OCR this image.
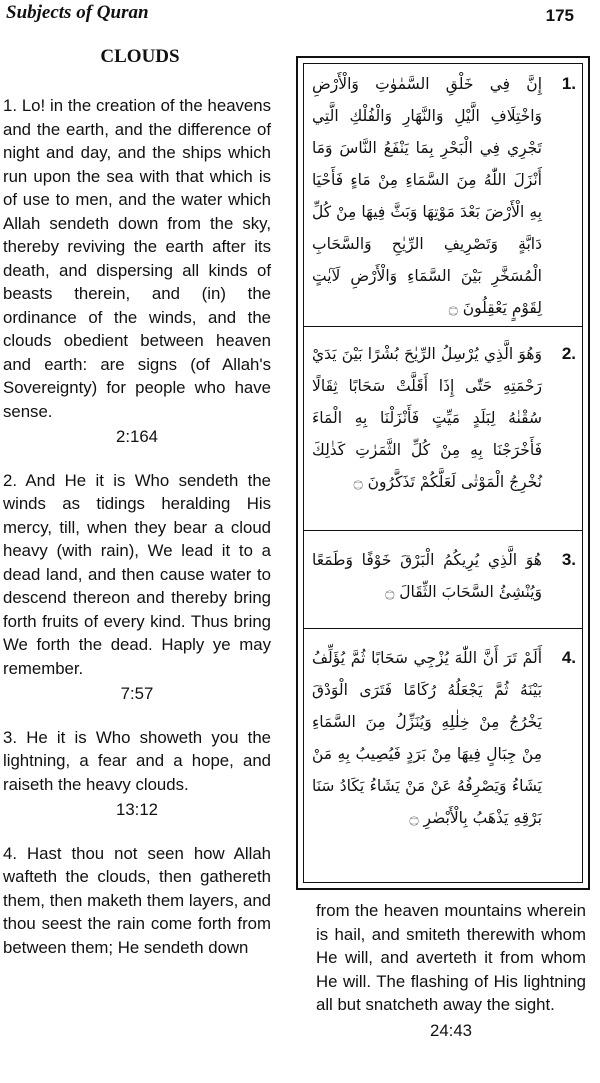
Subjects of Quran	175
CLOUDS

1. Lo! in the creation of the heavens and the earth, and the difference of night and day, and the ships which run upon the sea with that which is of use to men, and the water which Allah sendeth down from the sky, thereby reviving the earth after its death, and dispersing all kinds of beasts therein, and (in) the ordinance of the winds, and the clouds obedient between heaven and earth: are signs (of Allah's Sovereignty) for people who have sense.

2:164

2. And He it is Who sendeth the winds as tidings heralding His mercy, till, when they bear a cloud heavy (with rain), We lead it to a dead land, and then cause water to descend thereon and thereby bring forth fruits of every kind. Thus bring We forth the dead. Haply ye may remember.

7:57

3. He it is Who showeth you the lightning, a fear and a hope, and raiseth the heavy clouds.

13:12

4. Hast thou not seen how Allah wafteth the clouds, then gathereth them, then maketh them layers, and thou seest the rain come forth from between them; He sendeth down

1.
إِنَّ فِي خَلْقِ السَّمٰوٰتِ وَالْأَرْضِ وَاخْتِلَافِ الَّيْلِ وَالنَّهَارِ وَالْفُلْكِ الَّتِي تَجْرِي فِي الْبَحْرِ بِمَا يَنْفَعُ النَّاسَ وَمَا أَنْزَلَ اللّٰهُ مِنَ السَّمَاءِ مِنْ مَاءٍ فَأَحْيَا بِهِ الْأَرْضَ بَعْدَ مَوْتِهَا وَبَثَّ فِيهَا مِنْ كُلِّ دَابَّةٍ وَتَصْرِيفِ الرِّيٰحِ وَالسَّحَابِ الْمُسَخَّرِ بَيْنَ السَّمَاءِ وَالْأَرْضِ لَآيٰتٍ لِقَوْمٍ يَعْقِلُونَ ۝
2.
وَهُوَ الَّذِي يُرْسِلُ الرِّيٰحَ بُشْرًا بَيْنَ يَدَيْ رَحْمَتِهِ حَتّٰى إِذَا أَقَلَّتْ سَحَابًا ثِقَالًا سُقْنٰهُ لِبَلَدٍ مَيِّتٍ فَأَنْزَلْنَا بِهِ الْمَاءَ فَأَخْرَجْنَا بِهِ مِنْ كُلِّ الثَّمَرٰتِ كَذٰلِكَ نُخْرِجُ الْمَوْتٰى لَعَلَّكُمْ تَذَكَّرُونَ ۝
3.
هُوَ الَّذِي يُرِيكُمُ الْبَرْقَ خَوْفًا وَطَمَعًا وَيُنْشِئُ السَّحَابَ الثِّقَالَ ۝
4.
أَلَمْ تَرَ أَنَّ اللّٰهَ يُزْجِي سَحَابًا ثُمَّ يُؤَلِّفُ بَيْنَهُ ثُمَّ يَجْعَلُهُ رُكَامًا فَتَرَى الْوَدْقَ يَخْرُجُ مِنْ خِلٰلِهِ وَيُنَزِّلُ مِنَ السَّمَاءِ مِنْ جِبَالٍ فِيهَا مِنْ بَرَدٍ فَيُصِيبُ بِهِ مَنْ يَشَاءُ وَيَصْرِفُهُ عَنْ مَنْ يَشَاءُ يَكَادُ سَنَا بَرْقِهِ يَذْهَبُ بِالْأَبْصٰرِ ۝

from the heaven mountains wherein is hail, and smiteth therewith whom He will, and averteth it from whom He will. The flashing of His lightning all but snatcheth away the sight.

24:43
